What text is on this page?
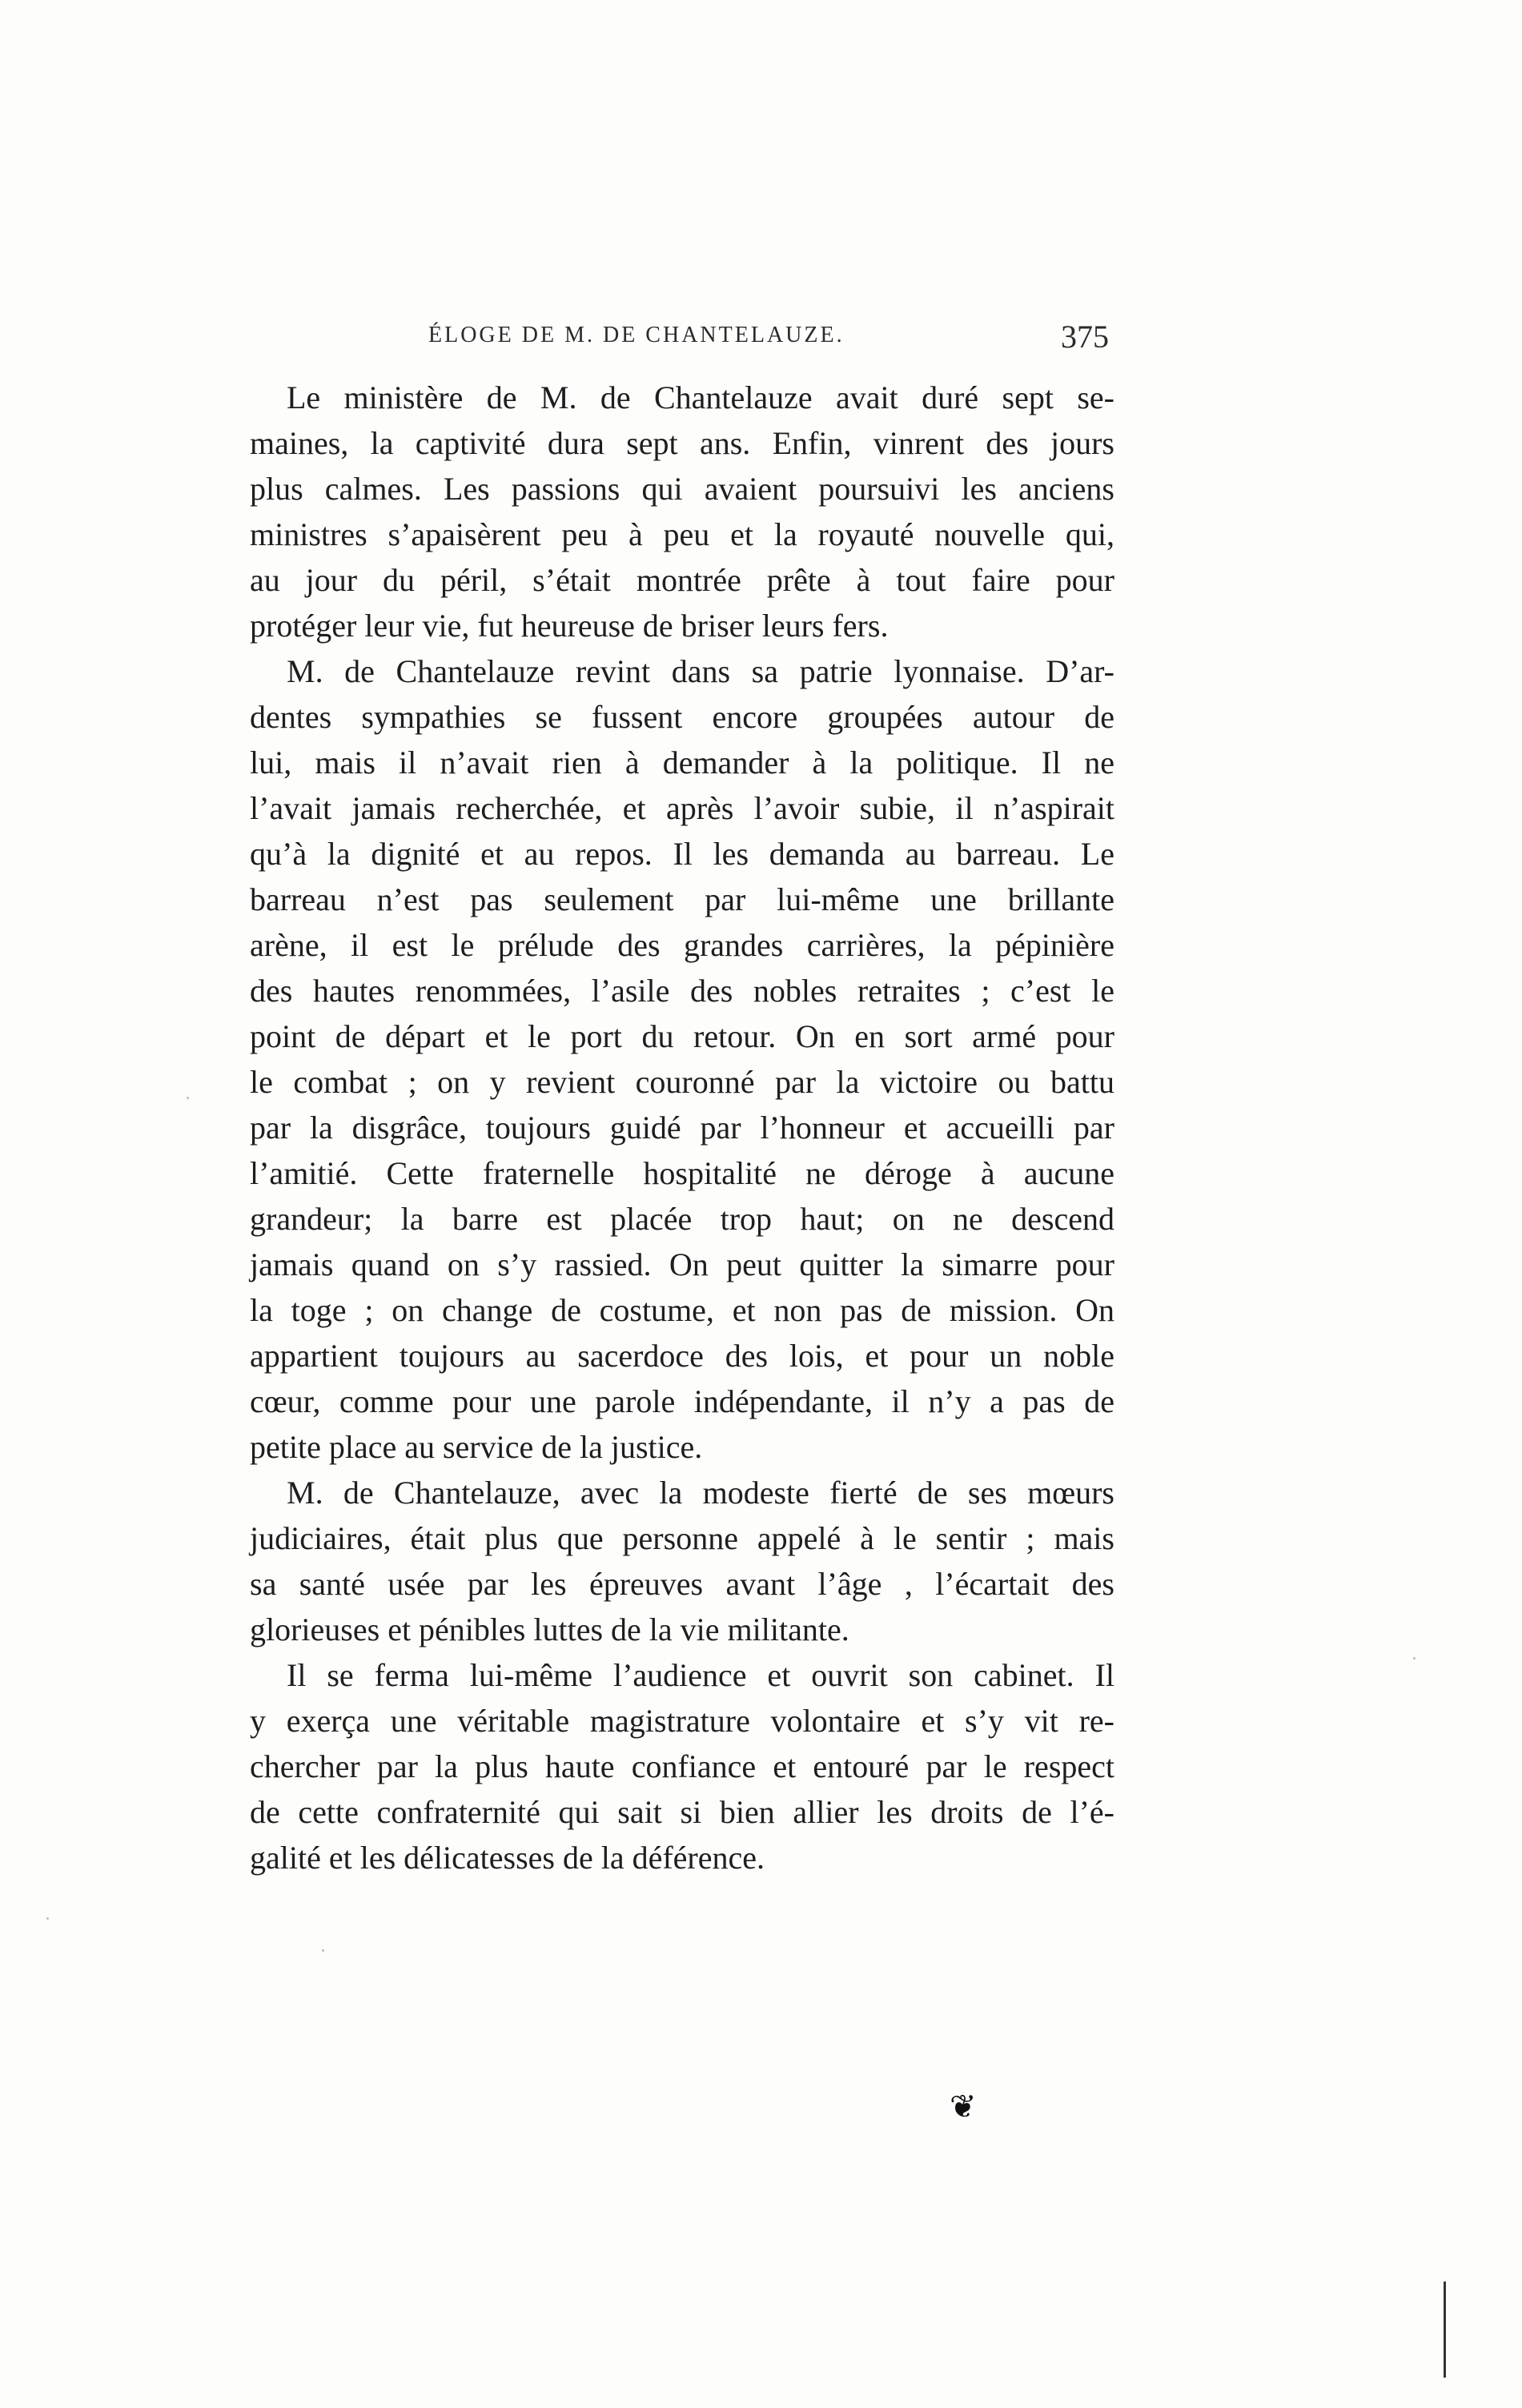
ÉLOGE DE M. DE CHANTELAUZE.	375

Le ministère de M. de Chantelauze avait duré sept se-
maines, la captivité dura sept ans. Enfin, vinrent des jours
plus calmes. Les passions qui avaient poursuivi les anciens
ministres s’apaisèrent peu à peu et la royauté nouvelle qui,
au jour du péril, s’était montrée prête à tout faire pour
protéger leur vie, fut heureuse de briser leurs fers.

M. de Chantelauze revint dans sa patrie lyonnaise. D’ar-
dentes sympathies se fussent encore groupées autour de
lui, mais il n’avait rien à demander à la politique. Il ne
l’avait jamais recherchée, et après l’avoir subie, il n’aspirait
qu’à la dignité et au repos. Il les demanda au barreau. Le
barreau n’est pas seulement par lui-même une brillante
arène, il est le prélude des grandes carrières, la pépinière
des hautes renommées, l’asile des nobles retraites ; c’est le
point de départ et le port du retour. On en sort armé pour
le combat ; on y revient couronné par la victoire ou battu
par la disgrâce, toujours guidé par l’honneur et accueilli par
l’amitié. Cette fraternelle hospitalité ne déroge à aucune
grandeur; la barre est placée trop haut; on ne descend
jamais quand on s’y rassied. On peut quitter la simarre pour
la toge ; on change de costume, et non pas de mission. On
appartient toujours au sacerdoce des lois, et pour un noble
cœur, comme pour une parole indépendante, il n’y a pas de
petite place au service de la justice.

M. de Chantelauze, avec la modeste fierté de ses mœurs
judiciaires, était plus que personne appelé à le sentir ; mais
sa santé usée par les épreuves avant l’âge , l’écartait des
glorieuses et pénibles luttes de la vie militante.

Il se ferma lui-même l’audience et ouvrit son cabinet. Il
y exerça une véritable magistrature volontaire et s’y vit re-
chercher par la plus haute confiance et entouré par le respect
de cette confraternité qui sait si bien allier les droits de l’é-
galité et les délicatesses de la déférence.

❦
